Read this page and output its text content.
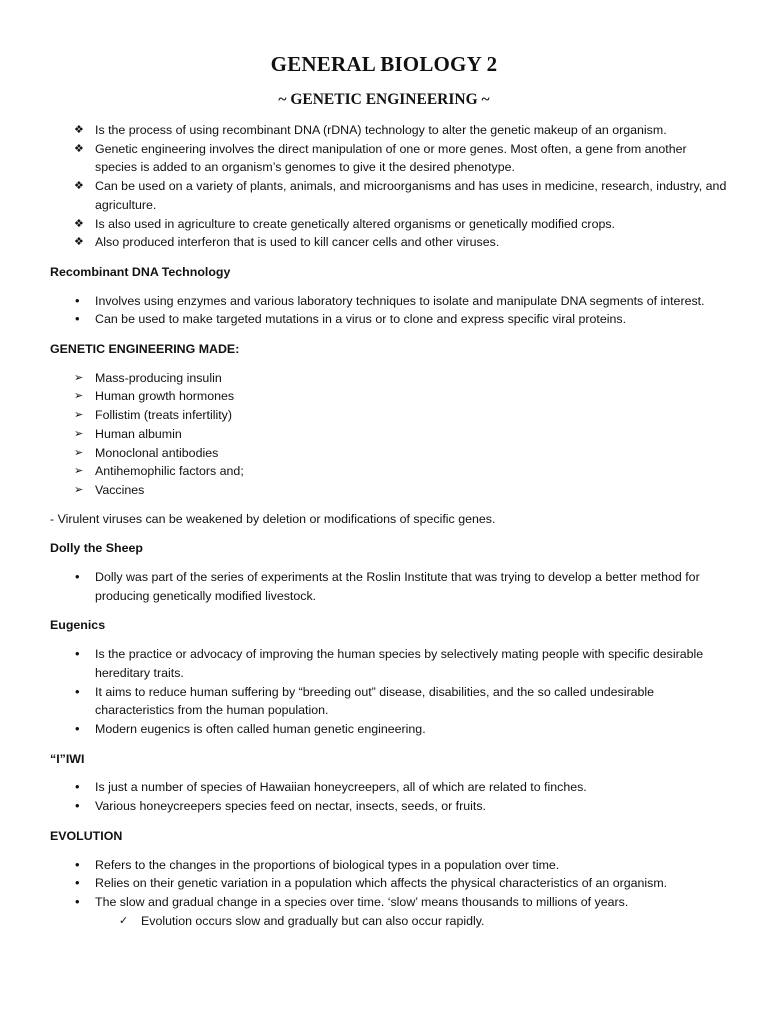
GENERAL BIOLOGY 2
~ GENETIC ENGINEERING ~
❖ Is the process of using recombinant DNA (rDNA) technology to alter the genetic makeup of an organism.
❖ Genetic engineering involves the direct manipulation of one or more genes. Most often, a gene from another species is added to an organism’s genomes to give it the desired phenotype.
❖ Can be used on a variety of plants, animals, and microorganisms and has uses in medicine, research, industry, and agriculture.
❖ Is also used in agriculture to create genetically altered organisms or genetically modified crops.
❖ Also produced interferon that is used to kill cancer cells and other viruses.
Recombinant DNA Technology
• Involves using enzymes and various laboratory techniques to isolate and manipulate DNA segments of interest.
• Can be used to make targeted mutations in a virus or to clone and express specific viral proteins.
GENETIC ENGINEERING MADE:
➢ Mass-producing insulin
➢ Human growth hormones
➢ Follistim (treats infertility)
➢ Human albumin
➢ Monoclonal antibodies
➢ Antihemophilic factors and;
➢ Vaccines
- Virulent viruses can be weakened by deletion or modifications of specific genes.
Dolly the Sheep
• Dolly was part of the series of experiments at the Roslin Institute that was trying to develop a better method for producing genetically modified livestock.
Eugenics
• Is the practice or advocacy of improving the human species by selectively mating people with specific desirable hereditary traits.
• It aims to reduce human suffering by “breeding out” disease, disabilities, and the so called undesirable characteristics from the human population.
• Modern eugenics is often called human genetic engineering.
“I”IWI
• Is just a number of species of Hawaiian honeycreepers, all of which are related to finches.
• Various honeycreepers species feed on nectar, insects, seeds, or fruits.
EVOLUTION
• Refers to the changes in the proportions of biological types in a population over time.
• Relies on their genetic variation in a population which affects the physical characteristics of an organism.
• The slow and gradual change in a species over time. ‘slow’ means thousands to millions of years.
✓ Evolution occurs slow and gradually but can also occur rapidly.
